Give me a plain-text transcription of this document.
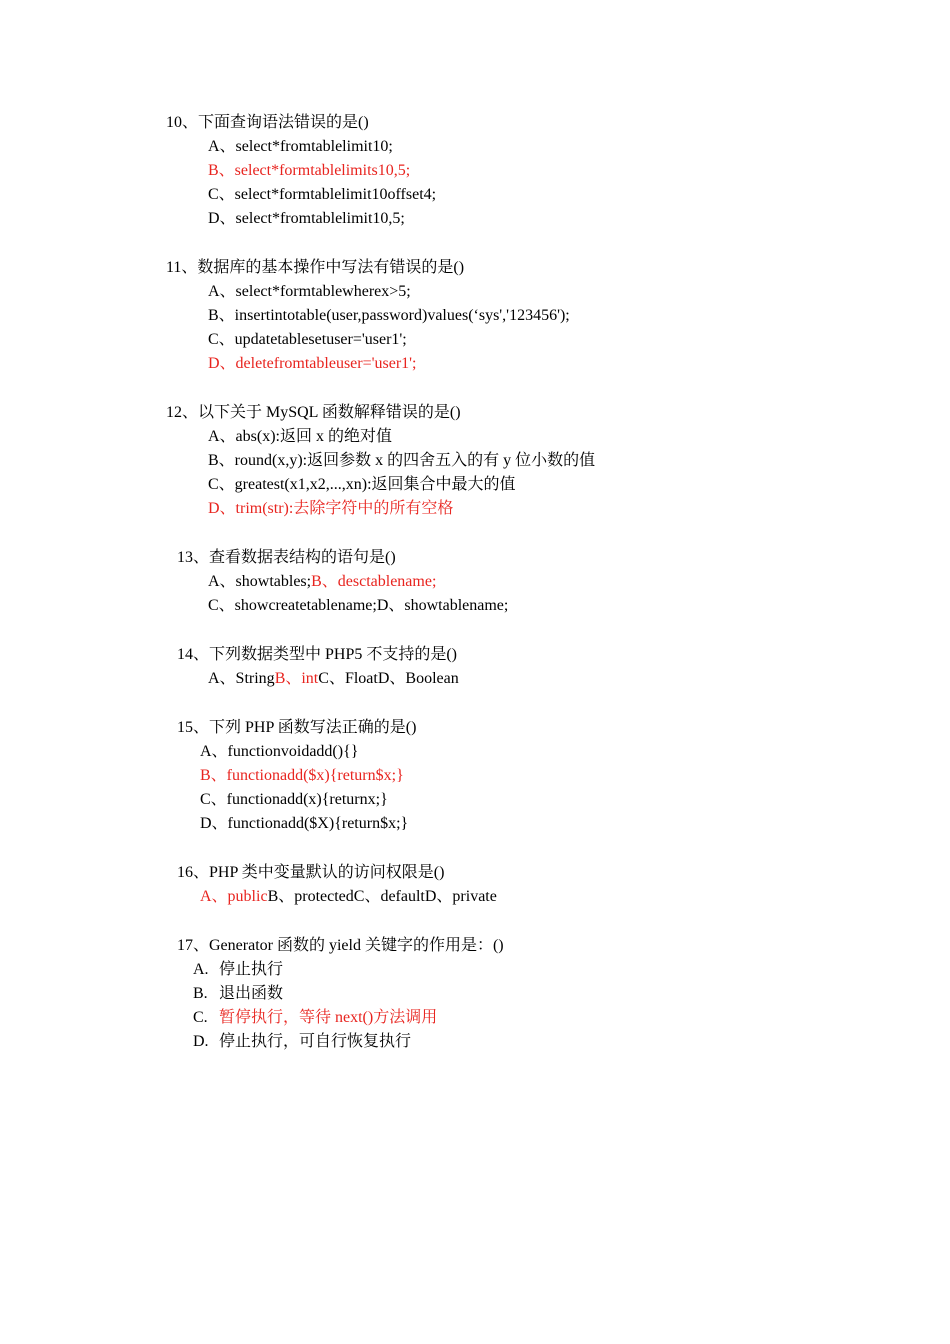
10、下面查询语法错误的是()
A、select*fromtablelimit10;
B、select*formtablelimits10,5;
C、select*formtablelimit10offset4;
D、select*fromtablelimit10,5;
11、数据库的基本操作中写法有错误的是()
A、select*formtablewherex>5;
B、insertintotable(user,password)values(‘sys','123456');
C、updatetablesetuser='user1';
D、deletefromtableuser='user1';
12、以下关于 MySQL 函数解释错误的是()
A、abs(x):返回 x 的绝对值
B、round(x,y):返回参数 x 的四舍五入的有 y 位小数的值
C、greatest(x1,x2,...,xn):返回集合中最大的值
D、trim(str):去除字符中的所有空格
13、查看数据表结构的语句是()
A、showtables;B、desctablename;
C、showcreatetablename;D、showtablename;
14、下列数据类型中 PHP5 不支持的是()
A、StringB、intC、FloatD、Boolean
15、下列 PHP 函数写法正确的是()
A、functionvoidadd(){}
B、functionadd($x){return$x;}
C、functionadd(x){returnx;}
D、functionadd($X){return$x;}
16、PHP 类中变量默认的访问权限是()
A、publicB、protectedC、defaultD、private
17、Generator 函数的 yield 关键字的作用是：()
A. 停止执行
B. 退出函数
C. 暂停执行，等待 next()方法调用
D. 停止执行，可自行恢复执行
